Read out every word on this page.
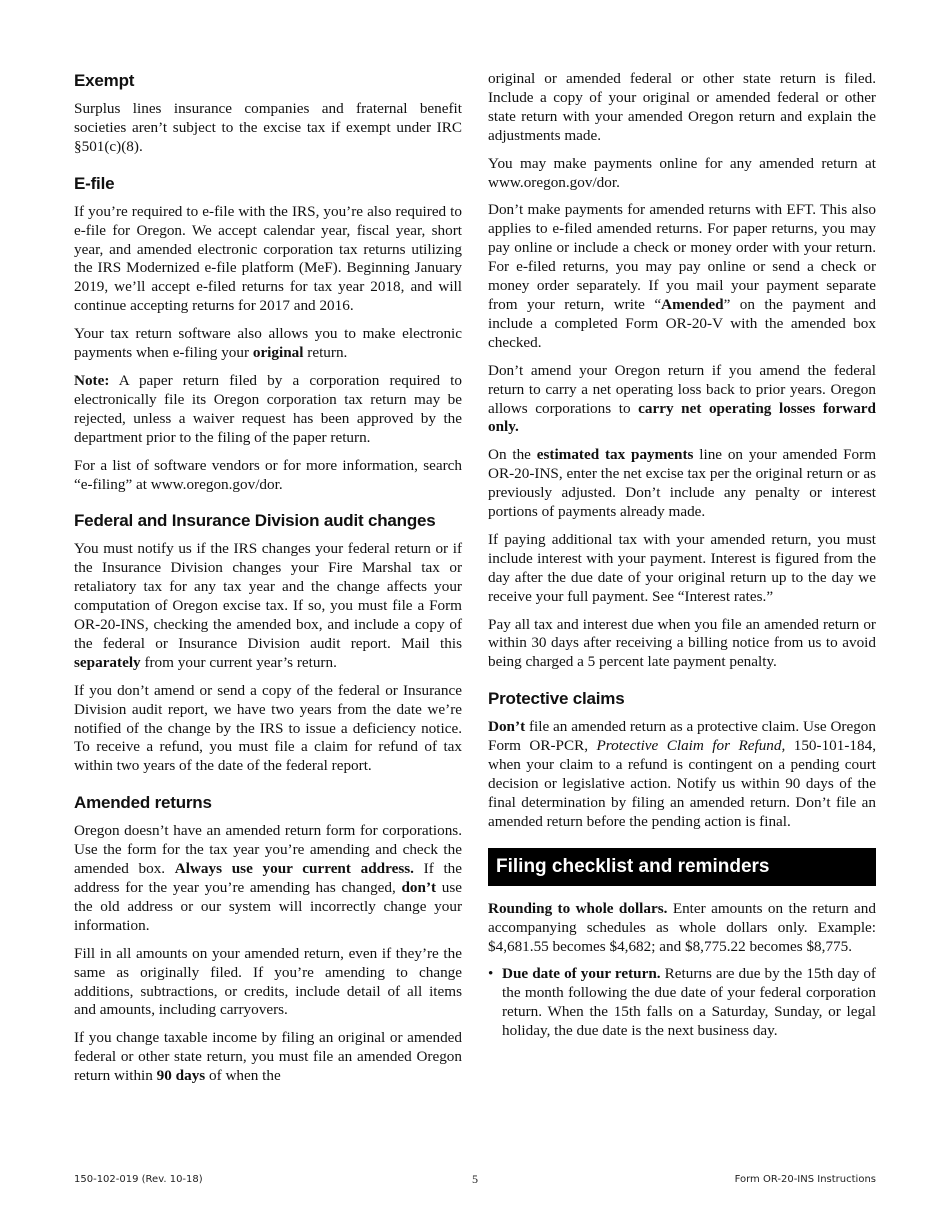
Exempt

Surplus lines insurance companies and fraternal benefit societies aren’t subject to the excise tax if exempt under IRC §501(c)(8).

E-file

If you’re required to e-file with the IRS, you’re also required to e-file for Oregon. We accept calendar year, fiscal year, short year, and amended electronic corporation tax returns utilizing the IRS Modernized e-file platform (MeF). Beginning January 2019, we’ll accept e-filed returns for tax year 2018, and will continue accepting returns for 2017 and 2016.

Your tax return software also allows you to make electronic payments when e-filing your original return.

Note: A paper return filed by a corporation required to electronically file its Oregon corporation tax return may be rejected, unless a waiver request has been approved by the department prior to the filing of the paper return.

For a list of software vendors or for more information, search “e-filing” at www.oregon.gov/dor.

Federal and Insurance Division audit changes

You must notify us if the IRS changes your federal return or if the Insurance Division changes your Fire Marshal tax or retaliatory tax for any tax year and the change affects your computation of Oregon excise tax. If so, you must file a Form OR-20-INS, checking the amended box, and include a copy of the federal or Insurance Division audit report. Mail this separately from your current year’s return.

If you don’t amend or send a copy of the federal or Insurance Division audit report, we have two years from the date we’re notified of the change by the IRS to issue a deficiency notice. To receive a refund, you must file a claim for refund of tax within two years of the date of the federal report.

Amended returns

Oregon doesn’t have an amended return form for corporations. Use the form for the tax year you’re amending and check the amended box. Always use your current address. If the address for the year you’re amending has changed, don’t use the old address or our system will incorrectly change your information.

Fill in all amounts on your amended return, even if they’re the same as originally filed. If you’re amending to change additions, subtractions, or credits, include detail of all items and amounts, including carryovers.

If you change taxable income by filing an original or amended federal or other state return, you must file an amended Oregon return within 90 days of when the

original or amended federal or other state return is filed. Include a copy of your original or amended federal or other state return with your amended Oregon return and explain the adjustments made.

You may make payments online for any amended return at www.oregon.gov/dor.

Don’t make payments for amended returns with EFT. This also applies to e-filed amended returns. For paper returns, you may pay online or include a check or money order with your return. For e-filed returns, you may pay online or send a check or money order separately. If you mail your payment separate from your return, write “Amended” on the payment and include a completed Form OR-20-V with the amended box checked.

Don’t amend your Oregon return if you amend the federal return to carry a net operating loss back to prior years. Oregon allows corporations to carry net operating losses forward only.

On the estimated tax payments line on your amended Form OR-20-INS, enter the net excise tax per the original return or as previously adjusted. Don’t include any penalty or interest portions of payments already made.

If paying additional tax with your amended return, you must include interest with your payment. Interest is figured from the day after the due date of your original return up to the day we receive your full payment. See “Interest rates.”

Pay all tax and interest due when you file an amended return or within 30 days after receiving a billing notice from us to avoid being charged a 5 percent late payment penalty.

Protective claims

Don’t file an amended return as a protective claim. Use Oregon Form OR-PCR, Protective Claim for Refund, 150-101-184, when your claim to a refund is contingent on a pending court decision or legislative action. Notify us within 90 days of the final determination by filing an amended return. Don’t file an amended return before the pending action is final.

Filing checklist and reminders

Rounding to whole dollars. Enter amounts on the return and accompanying schedules as whole dollars only. Example: $4,681.55 becomes $4,682; and $8,775.22 becomes $8,775.

• Due date of your return. Returns are due by the 15th day of the month following the due date of your federal corporation return. When the 15th falls on a Saturday, Sunday, or legal holiday, the due date is the next business day.

150-102-019 (Rev. 10-18)	5	Form OR-20-INS Instructions
